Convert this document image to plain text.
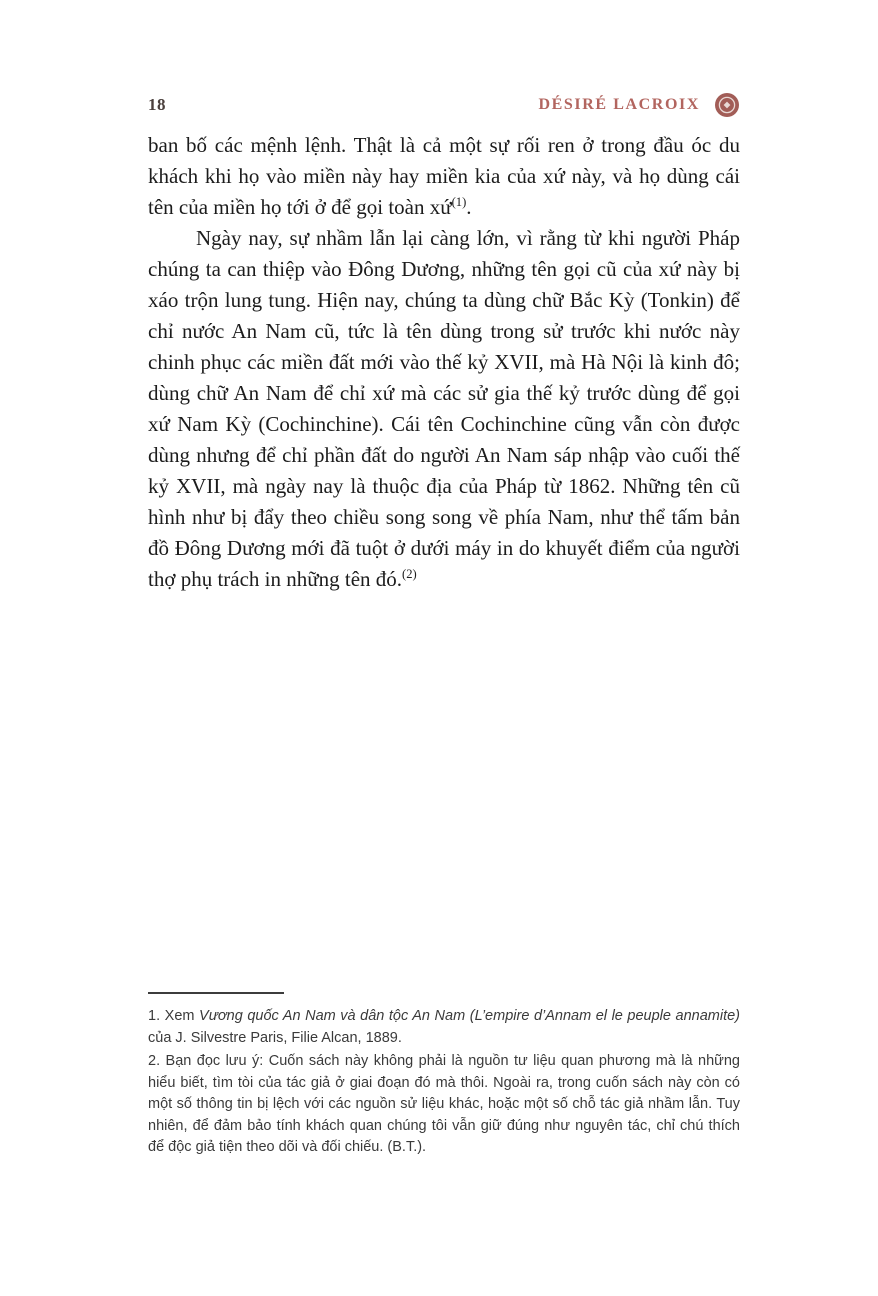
18	DÉSIRÉ LACROIX

ban bố các mệnh lệnh. Thật là cả một sự rối ren ở trong đầu óc du khách khi họ vào miền này hay miền kia của xứ này, và họ dùng cái tên của miền họ tới ở để gọi toàn xứ$^{(1)}$.

Ngày nay, sự nhầm lẫn lại càng lớn, vì rằng từ khi người Pháp chúng ta can thiệp vào Đông Dương, những tên gọi cũ của xứ này bị xáo trộn lung tung. Hiện nay, chúng ta dùng chữ Bắc Kỳ (Tonkin) để chỉ nước An Nam cũ, tức là tên dùng trong sử trước khi nước này chinh phục các miền đất mới vào thế kỷ XVII, mà Hà Nội là kinh đô; dùng chữ An Nam để chỉ xứ mà các sử gia thế kỷ trước dùng để gọi xứ Nam Kỳ (Cochinchine). Cái tên Cochinchine cũng vẫn còn được dùng nhưng để chỉ phần đất do người An Nam sáp nhập vào cuối thế kỷ XVII, mà ngày nay là thuộc địa của Pháp từ 1862. Những tên cũ hình như bị đẩy theo chiều song song về phía Nam, như thể tấm bản đồ Đông Dương mới đã tuột ở dưới máy in do khuyết điểm của người thợ phụ trách in những tên đó.$^{(2)}$

1. Xem Vương quốc An Nam và dân tộc An Nam (L’empire d’Annam el le peuple annamite) của J. Silvestre Paris, Filie Alcan, 1889.

2. Bạn đọc lưu ý: Cuốn sách này không phải là nguồn tư liệu quan phương mà là những hiểu biết, tìm tòi của tác giả ở giai đoạn đó mà thôi. Ngoài ra, trong cuốn sách này còn có một số thông tin bị lệch với các nguồn sử liệu khác, hoặc một số chỗ tác giả nhầm lẫn. Tuy nhiên, để đảm bảo tính khách quan chúng tôi vẫn giữ đúng như nguyên tác, chỉ chú thích để độc giả tiện theo dõi và đối chiếu. (B.T.).
